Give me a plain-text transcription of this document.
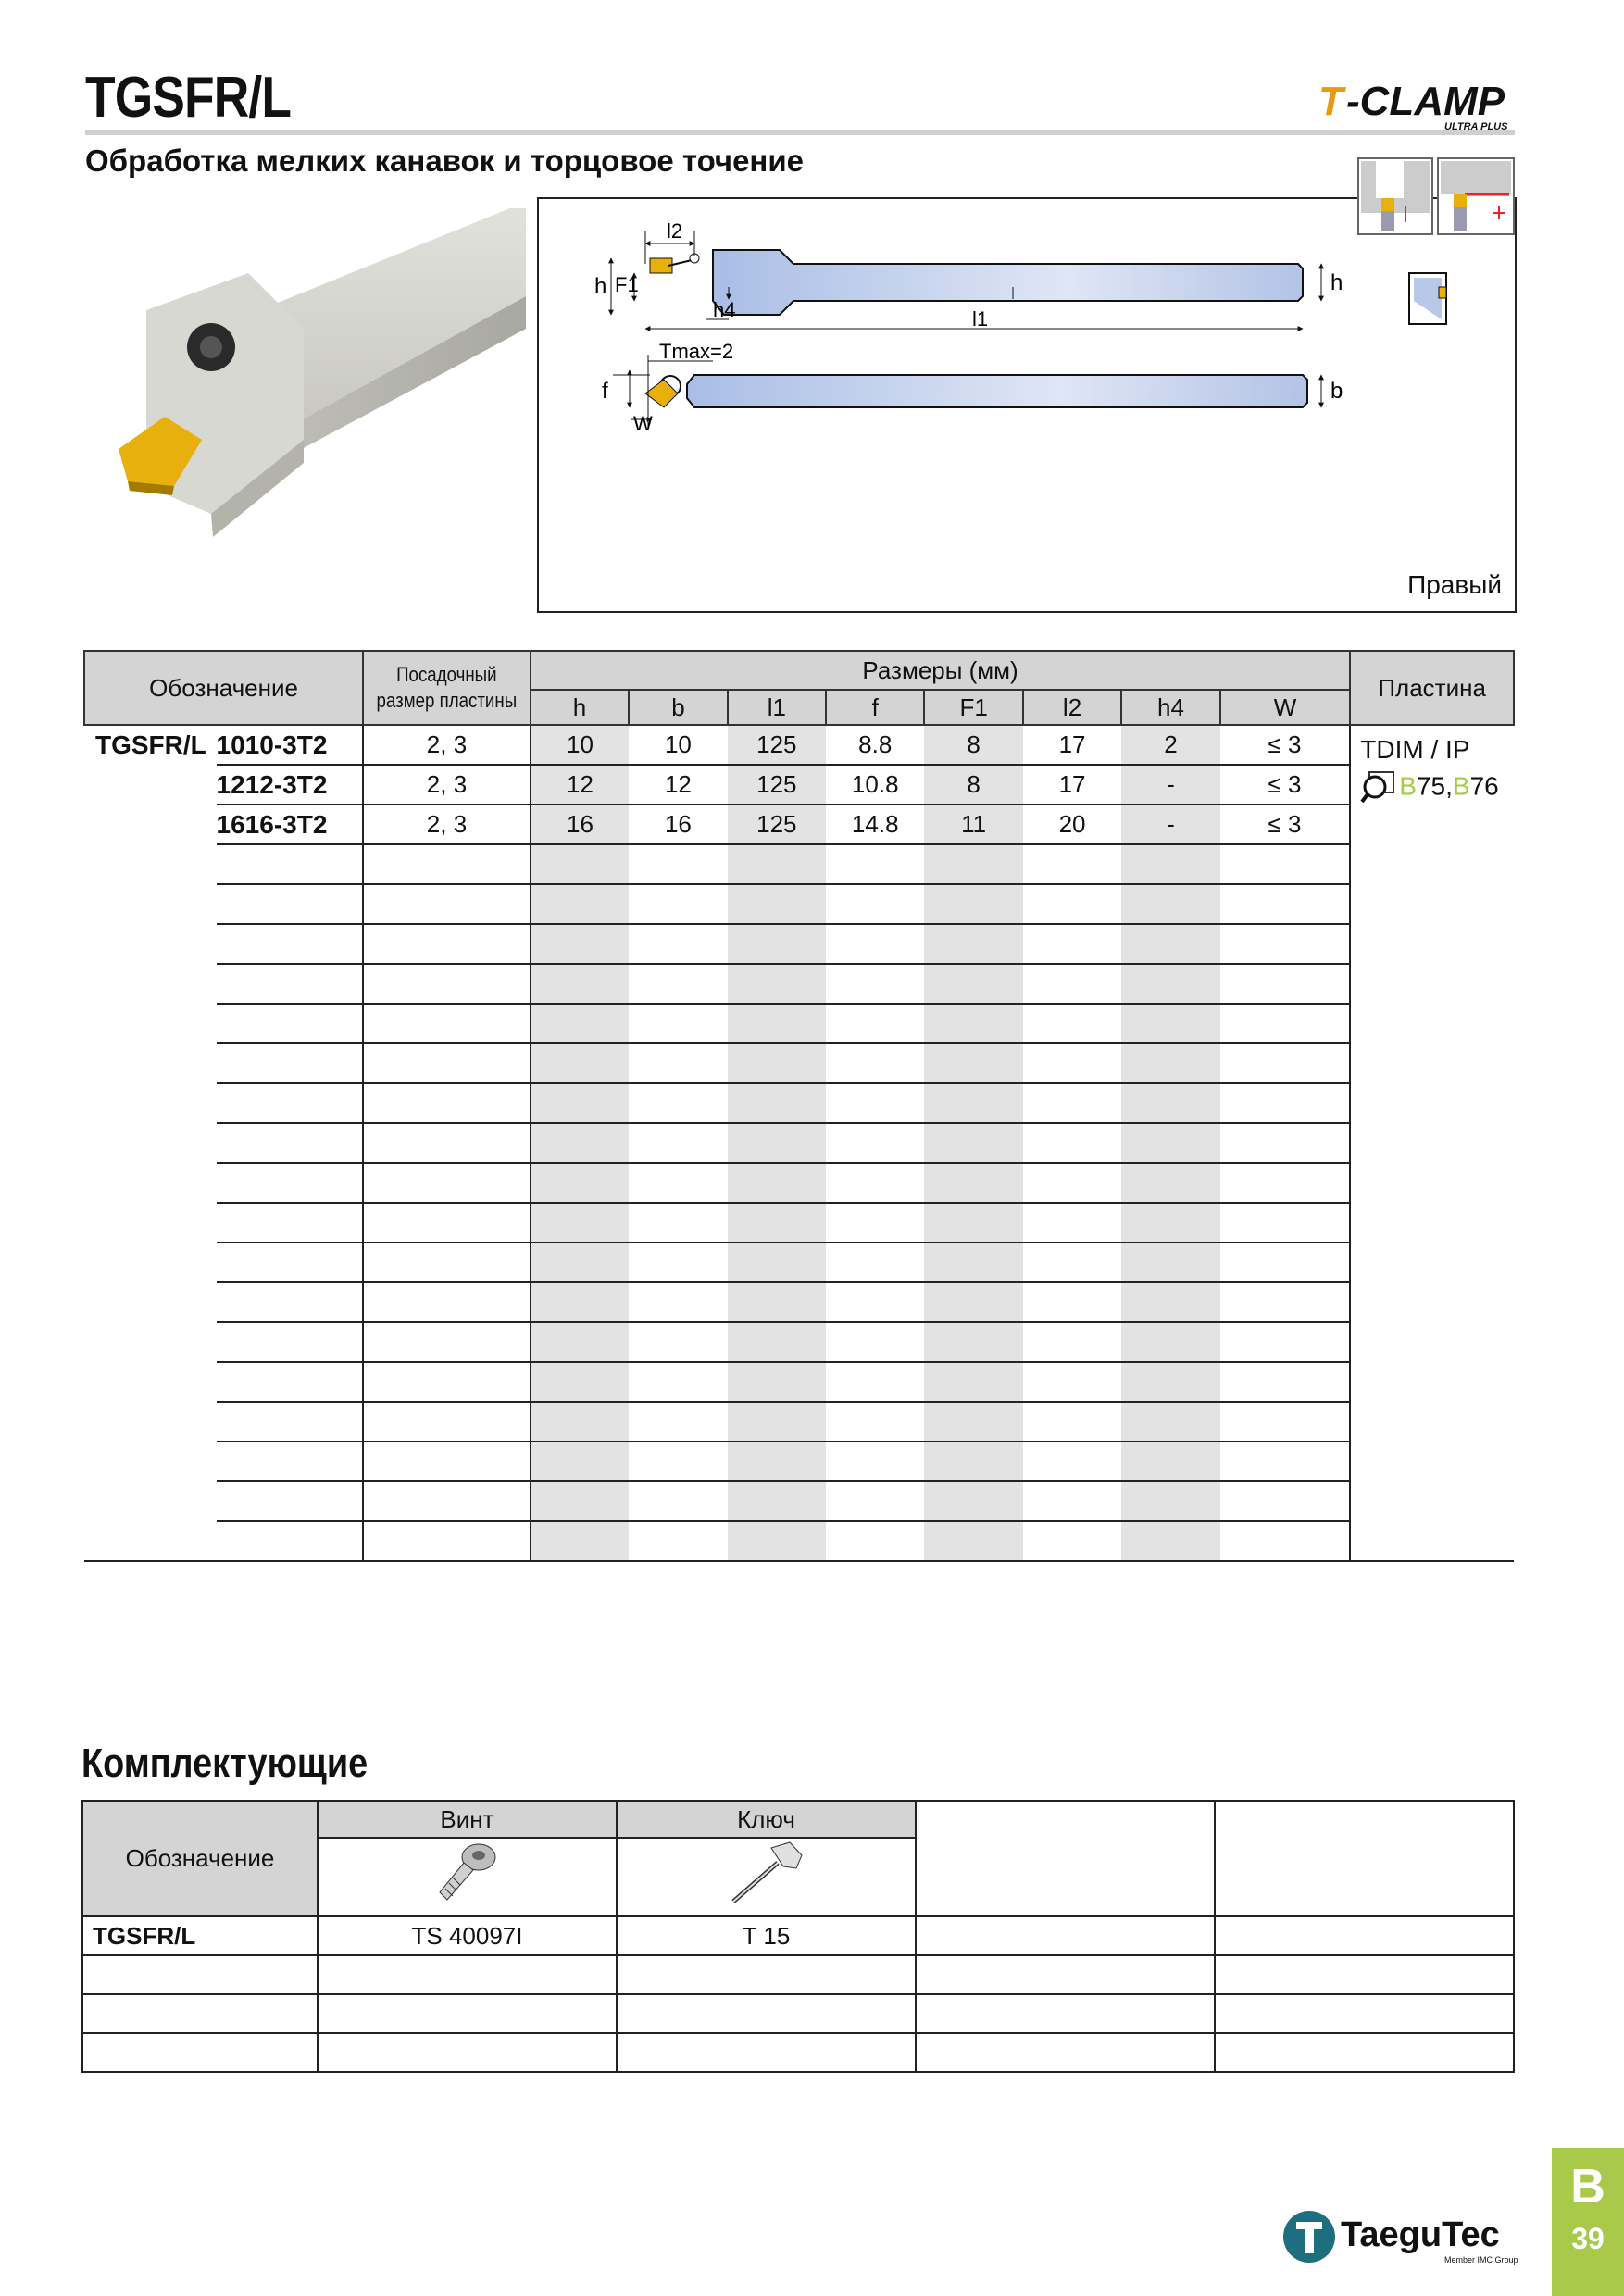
TGSFR/L
Обработка мелких канавок и торцовое точение
T -CLAMP
ULTRA PLUS
l2
h F1
h4	l1
h
Tmax=2
f
W
b
Правый
Обозначение		Посадочный
размер пластины	Размеры (мм)								Пластина
			h	b	l1	f	F1	l2	h4	W	
TGSFR/L	1010-3T2	2, 3	10	10	125	8.8	8	17	2	≤ 3	TDIM / IP
B75,B76

	1212-3T2	2, 3	12	12	125	10.8	8	17	-	≤ 3	
	1616-3T2	2, 3	16	16	125	14.8	11	20	-	≤ 3	

Комплектующие
Обозначение	Винт	Ключ		

TGSFR/L	TS 40097I	T 15		

TaeguTec
Member IMC Group
B
39
